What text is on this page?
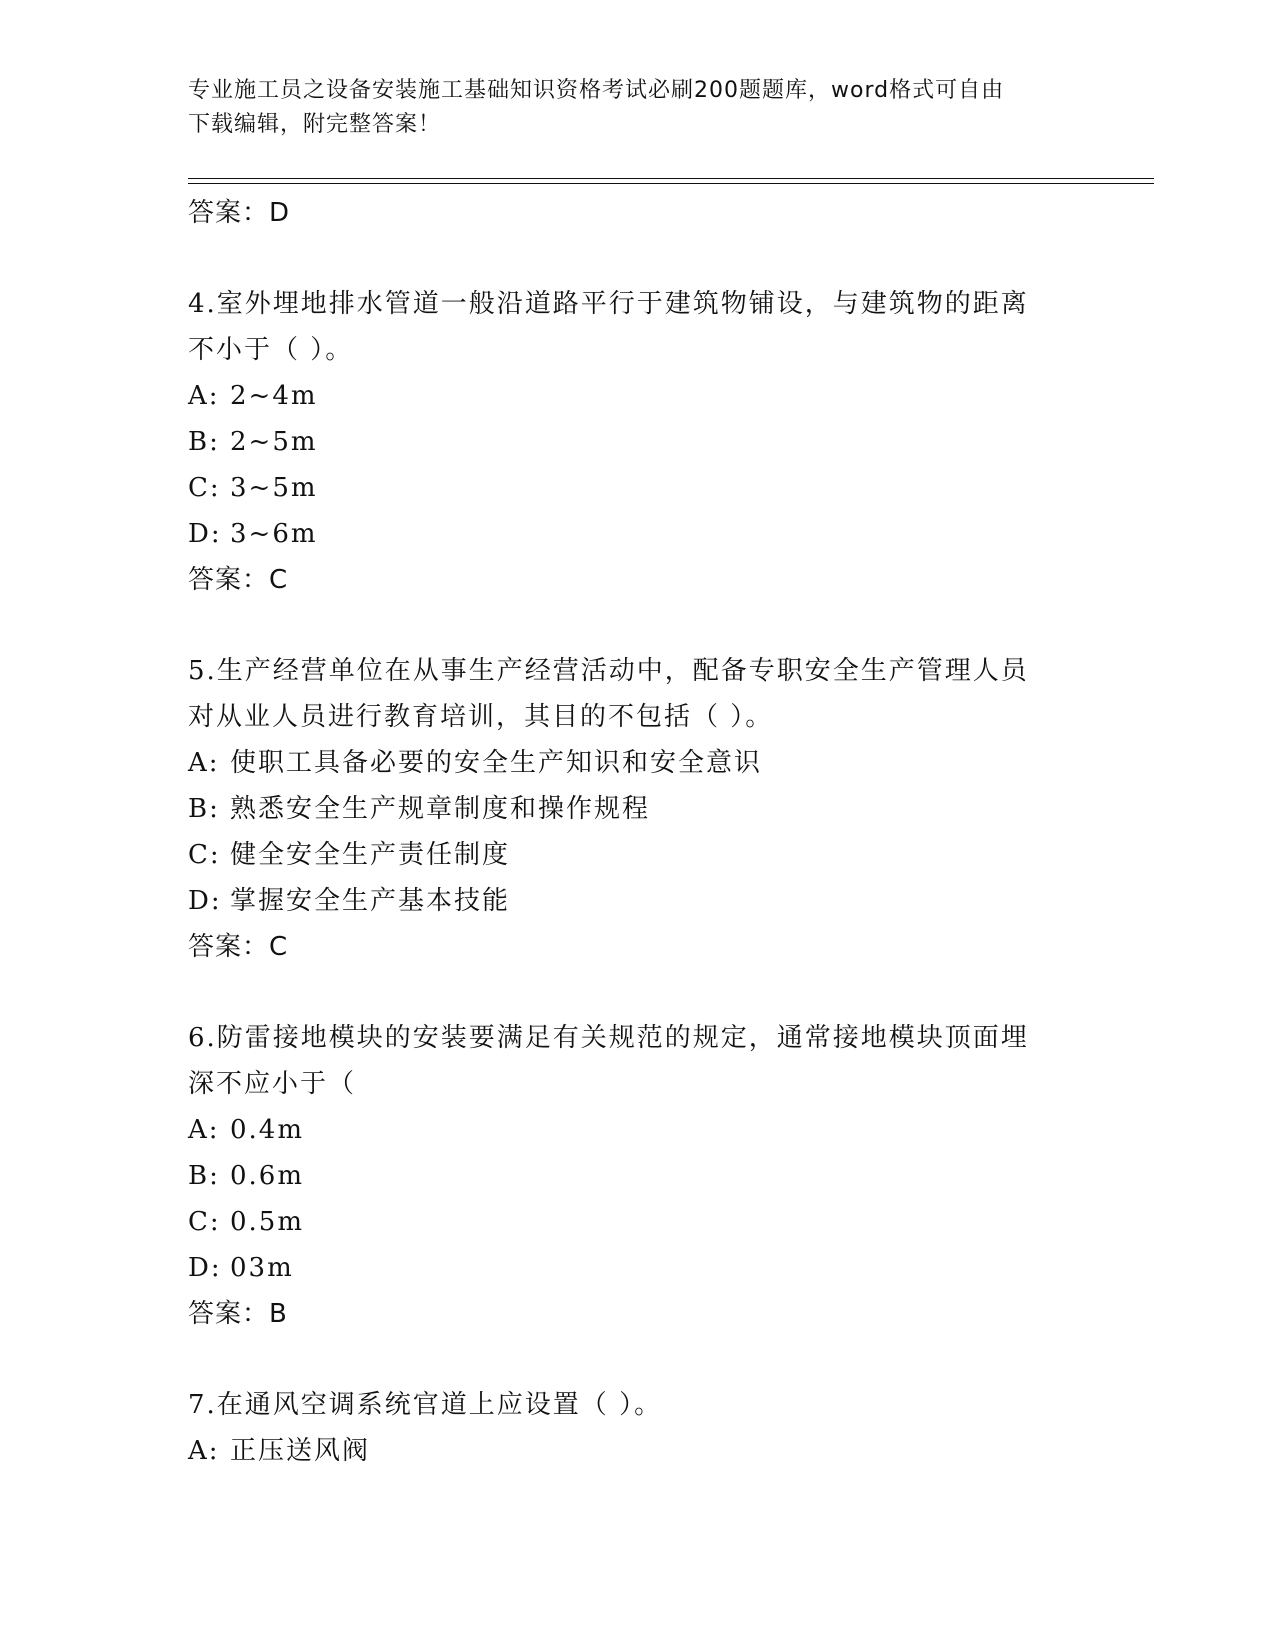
专业施工员之设备安装施工基础知识资格考试必刷200题题库，word格式可自由
下载编辑，附完整答案！
答案：D
4.室外埋地排水管道一般沿道路平行于建筑物铺设，与建筑物的距离
不小于（ ）。
A: 2~4m
B: 2~5m
C: 3~5m
D: 3~6m
答案：C
5.生产经营单位在从事生产经营活动中，配备专职安全生产管理人员
对从业人员进行教育培训，其目的不包括（ ）。
A: 使职工具备必要的安全生产知识和安全意识
B: 熟悉安全生产规章制度和操作规程
C: 健全安全生产责任制度
D: 掌握安全生产基本技能
答案：C
6.防雷接地模块的安装要满足有关规范的规定，通常接地模块顶面埋
深不应小于（
A: 0.4m
B: 0.6m
C: 0.5m
D: 03m
答案：B
7.在通风空调系统官道上应设置（ ）。
A: 正压送风阀
